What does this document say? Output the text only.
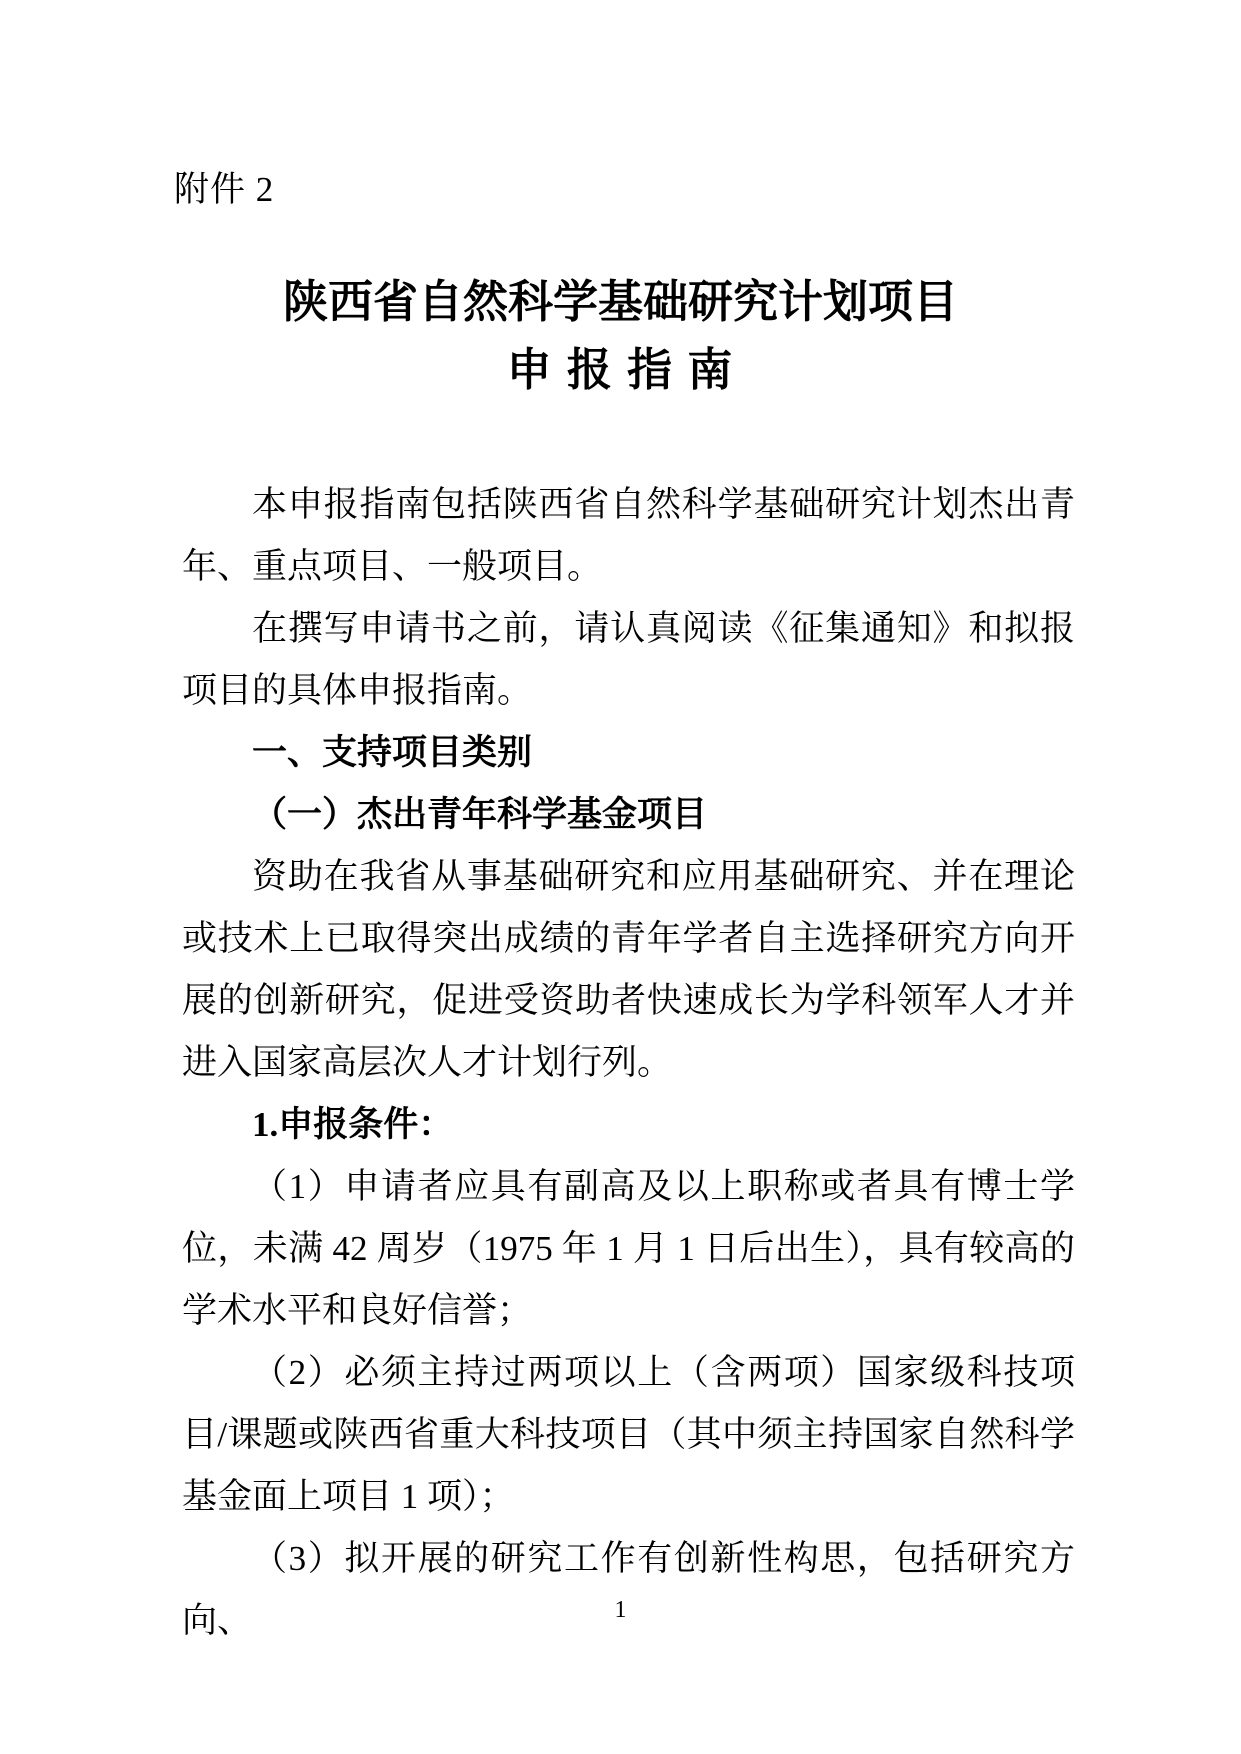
附件 2
陕西省自然科学基础研究计划项目
申 报 指 南

本申报指南包括陕西省自然科学基础研究计划杰出青年、重点项目、一般项目。

在撰写申请书之前，请认真阅读《征集通知》和拟报项目的具体申报指南。

一、支持项目类别
（一）杰出青年科学基金项目

资助在我省从事基础研究和应用基础研究、并在理论或技术上已取得突出成绩的青年学者自主选择研究方向开展的创新研究，促进受资助者快速成长为学科领军人才并进入国家高层次人才计划行列。

1.申报条件：

（1）申请者应具有副高及以上职称或者具有博士学位，未满 42 周岁（1975 年 1 月 1 日后出生），具有较高的学术水平和良好信誉；

（2）必须主持过两项以上（含两项）国家级科技项目/课题或陕西省重大科技项目（其中须主持国家自然科学基金面上项目 1 项）；

（3）拟开展的研究工作有创新性构思，包括研究方向、	1
